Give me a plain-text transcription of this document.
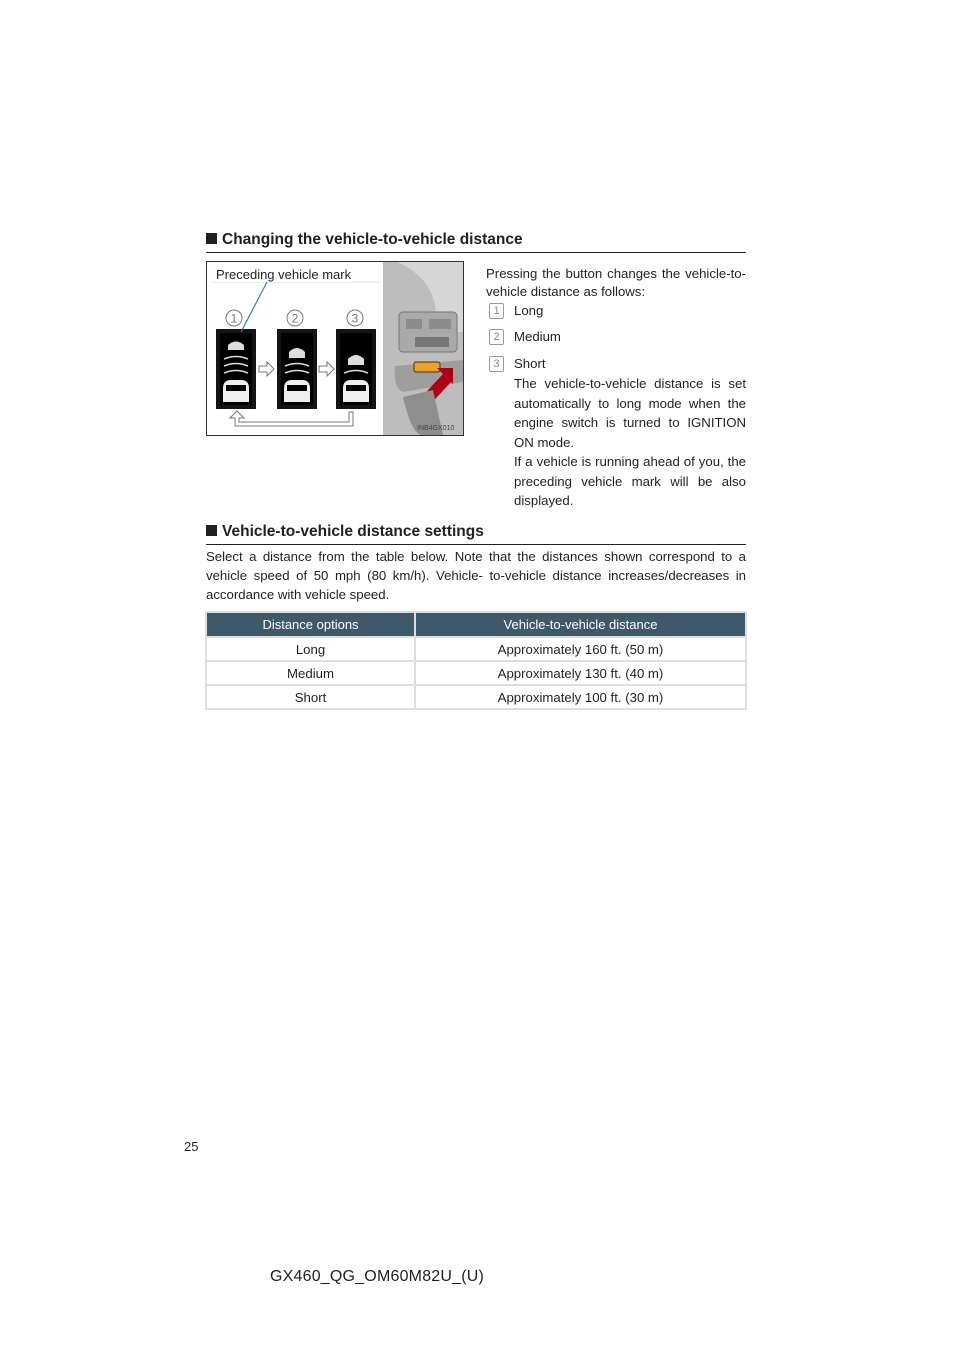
Changing the vehicle-to-vehicle distance
1	2	3
INB4GX010
Preceding vehicle mark	Pressing the button changes the vehicle-to-vehicle distance as follows:
1	Long
2	Medium
3	Short
The vehicle-to-vehicle distance is set automatically to long mode when the engine switch is turned to IGNITION ON mode.
If a vehicle is running ahead of you, the preceding vehicle mark will be also displayed.
Vehicle-to-vehicle distance settings
Select a distance from the table below. Note that the distances shown correspond to a vehicle speed of 50 mph (80 km/h). Vehicle- to-vehicle distance increases/decreases in accordance with vehicle speed.
Distance options	Vehicle-to-vehicle distance
Long	Approximately 160 ft. (50 m)
Medium	Approximately 130 ft. (40 m)
Short	Approximately 100 ft. (30 m)
25
GX460_QG_OM60M82U_(U)
